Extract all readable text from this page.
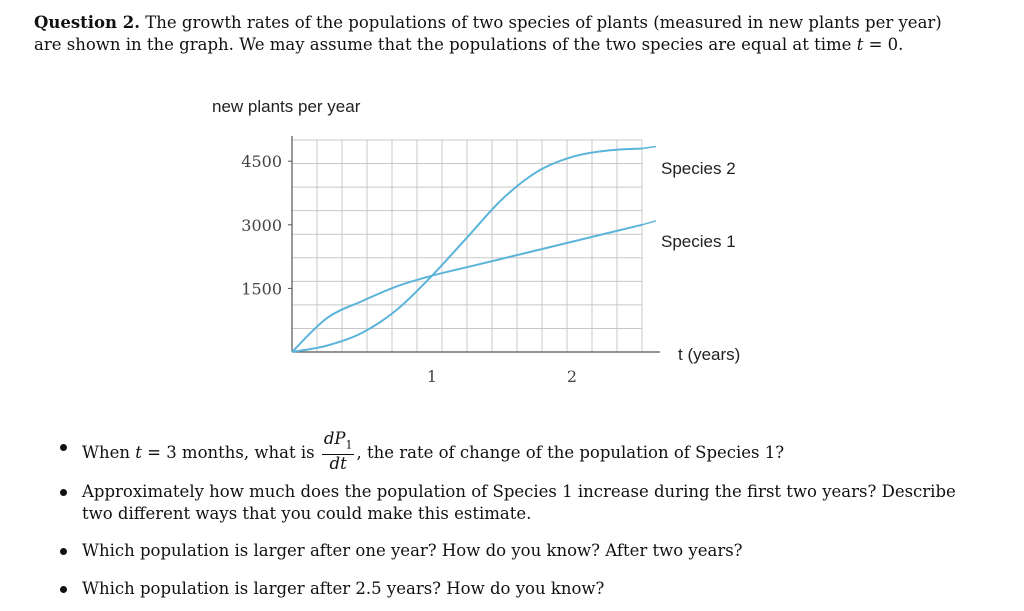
Question 2. The growth rates of the populations of two species of plants (measured in new plants per year)
are shown in the graph. We may assume that the populations of the two species are equal at time t = 0.
new plants per year
t (years)
Species 2
Species 1
1500
3000
4500
1	2
When t = 3 months, what is $\frac{dP_1}{dt}$ , the rate of change of the population of Species 1?
Approximately how much does the population of Species 1 increase during the first two years? Describe
two different ways that you could make this estimate.
Which population is larger after one year? How do you know? After two years?
Which population is larger after 2.5 years? How do you know?
